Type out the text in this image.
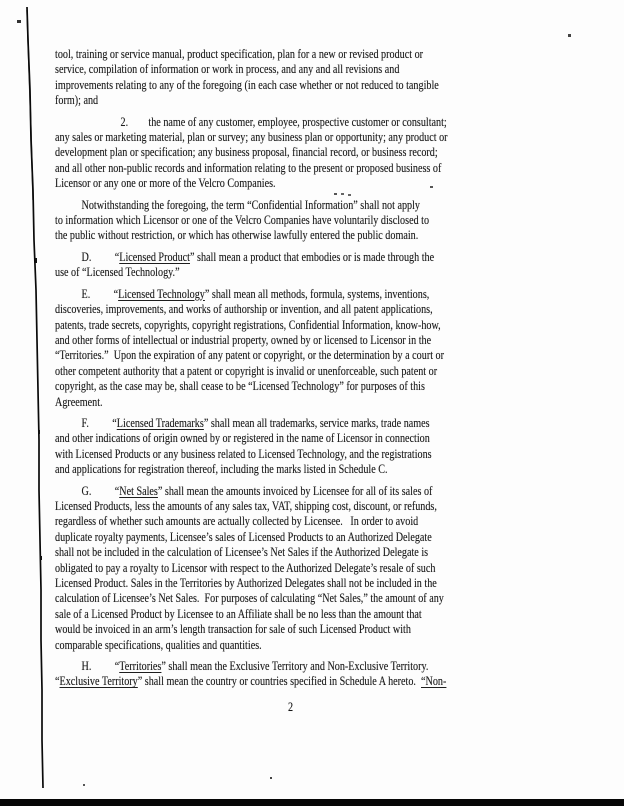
tool, training or service manual, product specification, plan for a new or revised product or
service, compilation of information or work in process, and any and all revisions and
improvements relating to any of the foregoing (in each case whether or not reduced to tangible
form); and
2. the name of any customer, employee, prospective customer or consultant;
any sales or marketing material, plan or survey; any business plan or opportunity; any product or
development plan or specification; any business proposal, financial record, or business record;
and all other non-public records and information relating to the present or proposed business of
Licensor or any one or more of the Velcro Companies.
Notwithstanding the foregoing, the term “Confidential Information” shall not apply
to information which Licensor or one of the Velcro Companies have voluntarily disclosed to
the public without restriction, or which has otherwise lawfully entered the public domain.
D. “Licensed Product” shall mean a product that embodies or is made through the
use of “Licensed Technology.”
E. “Licensed Technology” shall mean all methods, formula, systems, inventions,
discoveries, improvements, and works of authorship or invention, and all patent applications,
patents, trade secrets, copyrights, copyright registrations, Confidential Information, know-how,
and other forms of intellectual or industrial property, owned by or licensed to Licensor in the
“Territories.”  Upon the expiration of any patent or copyright, or the determination by a court or
other competent authority that a patent or copyright is invalid or unenforceable, such patent or
copyright, as the case may be, shall cease to be “Licensed Technology” for purposes of this
Agreement.
F. “Licensed Trademarks” shall mean all trademarks, service marks, trade names
and other indications of origin owned by or registered in the name of Licensor in connection
with Licensed Products or any business related to Licensed Technology, and the registrations
and applications for registration thereof, including the marks listed in Schedule C.
G. “Net Sales” shall mean the amounts invoiced by Licensee for all of its sales of
Licensed Products, less the amounts of any sales tax, VAT, shipping cost, discount, or refunds,
regardless of whether such amounts are actually collected by Licensee.   In order to avoid
duplicate royalty payments, Licensee’s sales of Licensed Products to an Authorized Delegate
shall not be included in the calculation of Licensee’s Net Sales if the Authorized Delegate is
obligated to pay a royalty to Licensor with respect to the Authorized Delegate’s resale of such
Licensed Product. Sales in the Territories by Authorized Delegates shall not be included in the
calculation of Licensee’s Net Sales.  For purposes of calculating “Net Sales,” the amount of any
sale of a Licensed Product by Licensee to an Affiliate shall be no less than the amount that
would be invoiced in an arm’s length transaction for sale of such Licensed Product with
comparable specifications, qualities and quantities.
H. “Territories” shall mean the Exclusive Territory and Non-Exclusive Territory.
“Exclusive Territory” shall mean the country or countries specified in Schedule A hereto.  “Non-
2
